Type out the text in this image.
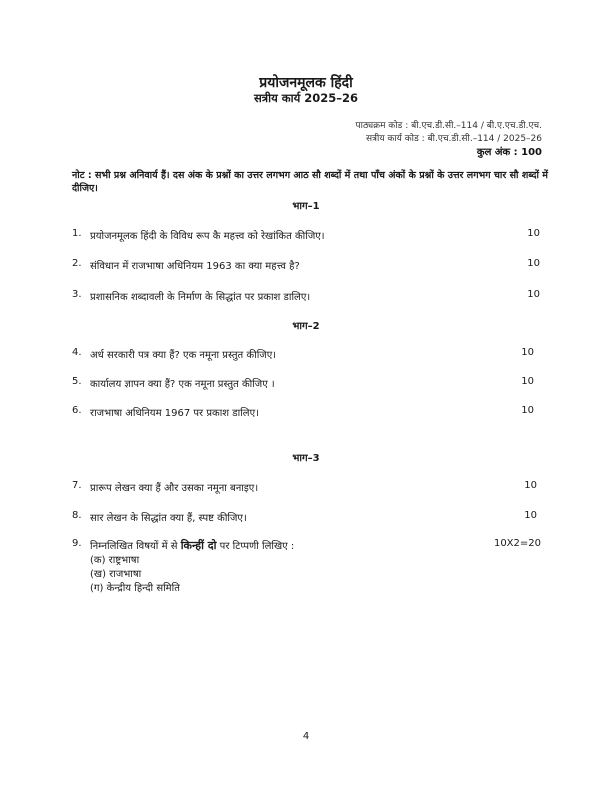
प्रयोजनमूलक हिंदी
सत्रीय कार्य 2025–26
पाठ्यक्रम कोड : बी.एच.डी.सी.–114 / बी.ए.एच.डी.एच.
सत्रीय कार्य कोड : बी.एच.डी.सी.–114 / 2025–26
कुल अंक : 100
नोट : सभी प्रश्न अनिवार्य हैं। दस अंक के प्रश्नों का उत्तर लगभग आठ सौ शब्दों में तथा पाँच अंकों के प्रश्नों के उत्तर लगभग चार सौ शब्दों में दीजिए।
भाग–1
1. प्रयोजनमूलक हिंदी के विविध रूप कै महत्त्व को रेखांकित कीजिए।	10
2. संविधान में राजभाषा अधिनियम 1963 का क्या महत्त्व है?	10
3. प्रशासनिक शब्दावली के निर्माण के सिद्धांत पर प्रकाश डालिए।	10
भाग–2
4. अर्ध सरकारी पत्र क्या हैं? एक नमूना प्रस्तुत कीजिए।	10
5. कार्यालय ज्ञापन क्या हैं? एक नमूना प्रस्तुत कीजिए ।	10
6. राजभाषा अधिनियम 1967 पर प्रकाश डालिए।	10
भाग–3
7. प्रारूप लेखन क्या हैं और उसका नमूना बनाइए।	10
8. सार लेखन के सिद्धांत क्या हैं, स्पष्ट कीजिए।	10
9. निम्नलिखित विषयों में से किन्हीं दो पर टिप्पणी लिखिए :	10X2=20
(क) राष्ट्रभाषा
(ख) राजभाषा
(ग) केन्द्रीय हिन्दी समिति
4
